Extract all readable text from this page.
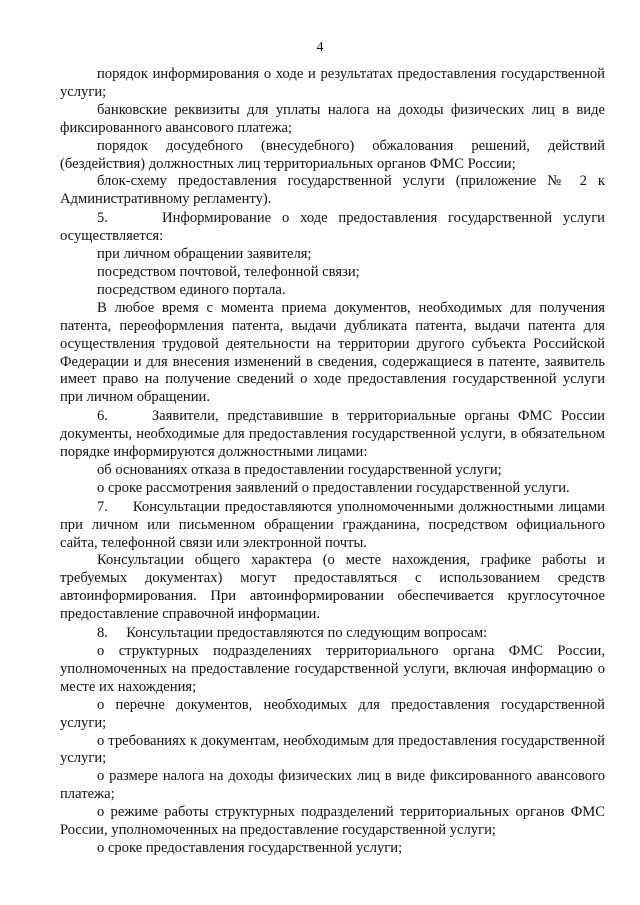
4

порядок информирования о ходе и результатах предоставления государственной услуги;

банковские реквизиты для уплаты налога на доходы физических лиц в виде фиксированного авансового платежа;

порядок досудебного (внесудебного) обжалования решений, действий (бездействия) должностных лиц территориальных органов ФМС России;

блок-схему предоставления государственной услуги (приложение № 2 к Административному регламенту).

5.     Информирование о ходе предоставления государственной услуги осуществляется:

при личном обращении заявителя;

посредством почтовой, телефонной связи;

посредством единого портала.

В любое время с момента приема документов, необходимых для получения патента, переоформления патента, выдачи дубликата патента, выдачи патента для осуществления трудовой деятельности на территории другого субъекта Российской Федерации и для внесения изменений в сведения, содержащиеся в патенте, заявитель имеет право на получение сведений о ходе предоставления государственной услуги при личном обращении.

6.     Заявители, представившие в территориальные органы ФМС России документы, необходимые для предоставления государственной услуги, в обязательном порядке информируются должностными лицами:

об основаниях отказа в предоставлении государственной услуги;

о сроке рассмотрения заявлений о предоставлении государственной услуги.

7.     Консультации предоставляются уполномоченными должностными лицами при личном или письменном обращении гражданина, посредством официального сайта, телефонной связи или электронной почты.

Консультации общего характера (о месте нахождения, графике работы и требуемых документах) могут предоставляться с использованием средств автоинформирования. При автоинформировании обеспечивается круглосуточное предоставление справочной информации.

8.     Консультации предоставляются по следующим вопросам:

о структурных подразделениях территориального органа ФМС России, уполномоченных на предоставление государственной услуги, включая информацию о месте их нахождения;

о перечне документов, необходимых для предоставления государственной услуги;

о требованиях к документам, необходимым для предоставления государственной услуги;

о размере налога на доходы физических лиц в виде фиксированного авансового платежа;

о режиме работы структурных подразделений территориальных органов ФМС России, уполномоченных на предоставление государственной услуги;

о сроке предоставления государственной услуги;
